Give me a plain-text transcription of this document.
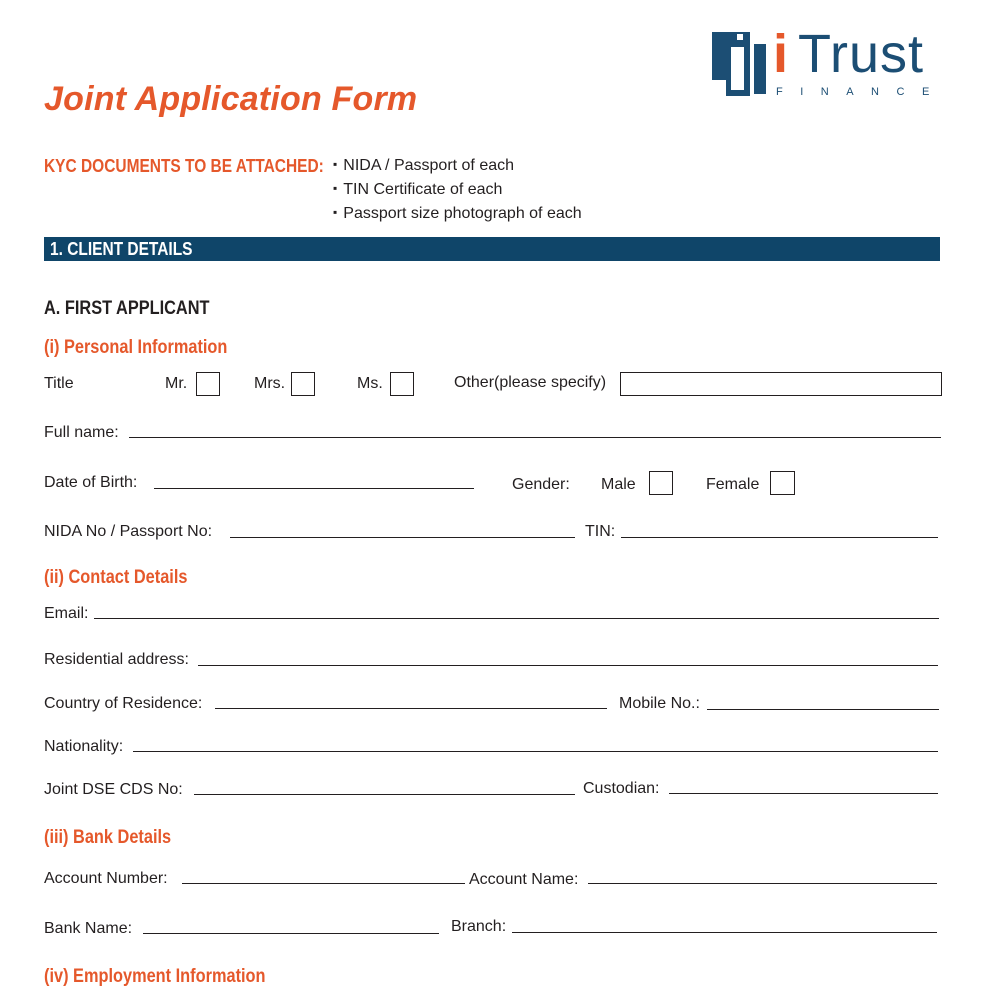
Joint Application Form
i Trust
FINANCE
KYC DOCUMENTS TO BE ATTACHED:
▪	NIDA / Passport of each
▪ TIN Certificate of each
▪ Passport size photograph of each
1. CLIENT DETAILS
A. FIRST APPLICANT
(i) Personal Information
Title	Mr.	Mrs.	Ms.	Other(please specify)
Full name:
Date of Birth:	Gender: Male	Female
NIDA No / Passport No:	TIN:
(ii) Contact Details
Email:
Residential address:
Country of Residence:	Mobile No.:
Nationality:
Joint DSE CDS No:	Custodian:
(iii) Bank Details
Account Number:	Account Name:
Bank Name:	Branch:
(iv) Employment Information
